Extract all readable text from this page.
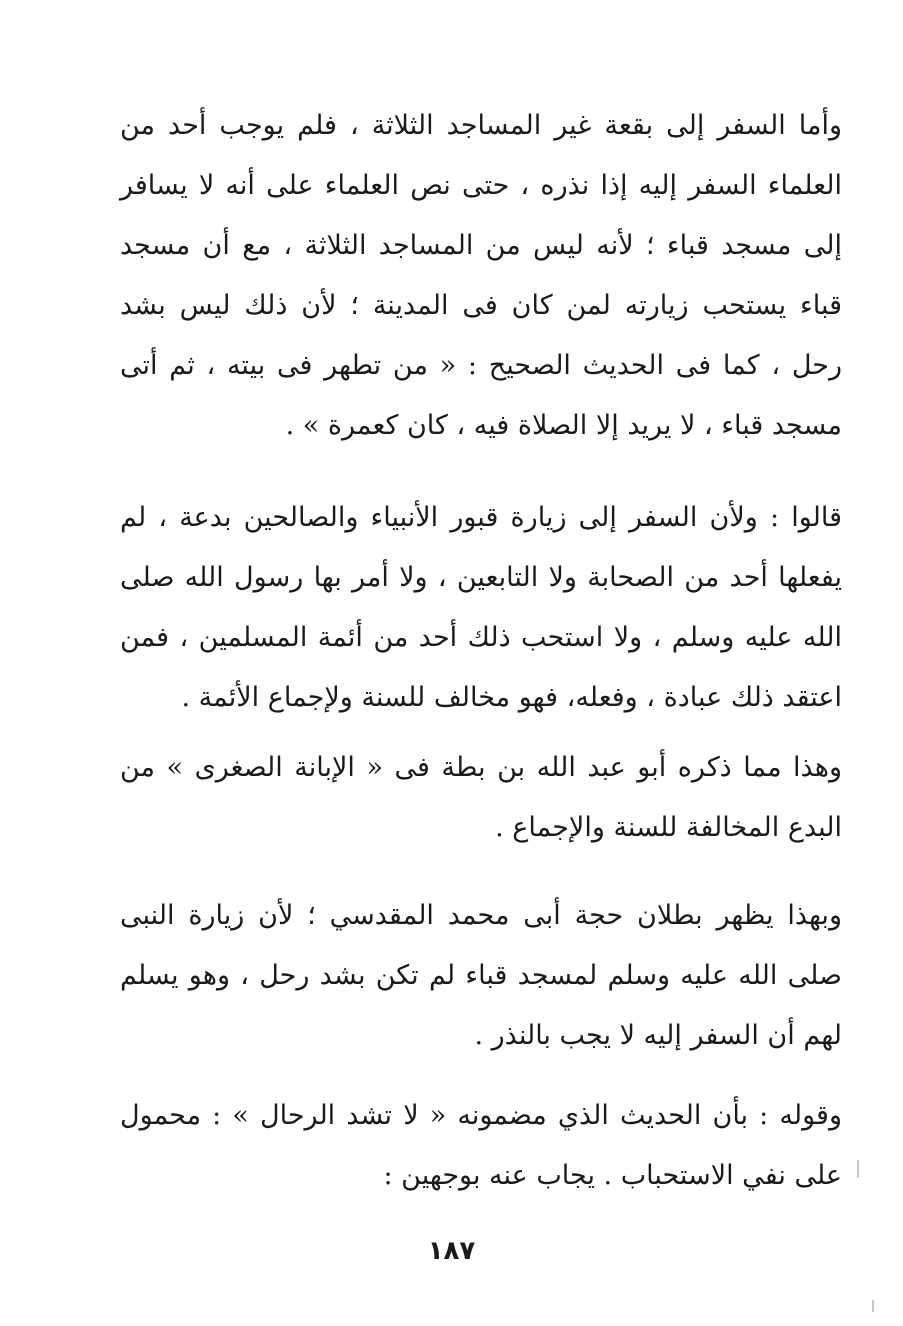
وأما السفر إلى بقعة غير المساجد الثلاثة ، فلم يوجب أحد من العلماء السفر إليه إذا نذره ، حتى نص العلماء على أنه لا يسافر إلى مسجد قباء ؛ لأنه ليس من المساجد الثلاثة ، مع أن مسجد قباء يستحب زيارته لمن كان فى المدينة ؛ لأن ذلك ليس بشد رحل ، كما فى الحديث الصحيح : « من تطهر فى بيته ، ثم أتى مسجد قباء ، لا يريد إلا الصلاة فيه ، كان كعمرة » .

قالوا : ولأن السفر إلى زيارة قبور الأنبياء والصالحين بدعة ، لم يفعلها أحد من الصحابة ولا التابعين ، ولا أمر بها رسول الله صلى الله عليه وسلم ، ولا استحب ذلك أحد من أئمة المسلمين ، فمن اعتقد ذلك عبادة ، وفعله، فهو مخالف للسنة ولإجماع الأئمة .

وهذا مما ذكره أبو عبد الله بن بطة فى « الإبانة الصغرى » من البدع المخالفة للسنة والإجماع .

وبهذا يظهر بطلان حجة أبى محمد المقدسي ؛ لأن زيارة النبى صلى الله عليه وسلم لمسجد قباء لم تكن بشد رحل ، وهو يسلم لهم أن السفر إليه لا يجب بالنذر .

وقوله : بأن الحديث الذي مضمونه « لا تشد الرحال » : محمول على نفي الاستحباب . يجاب عنه بوجهين :

١٨٧
